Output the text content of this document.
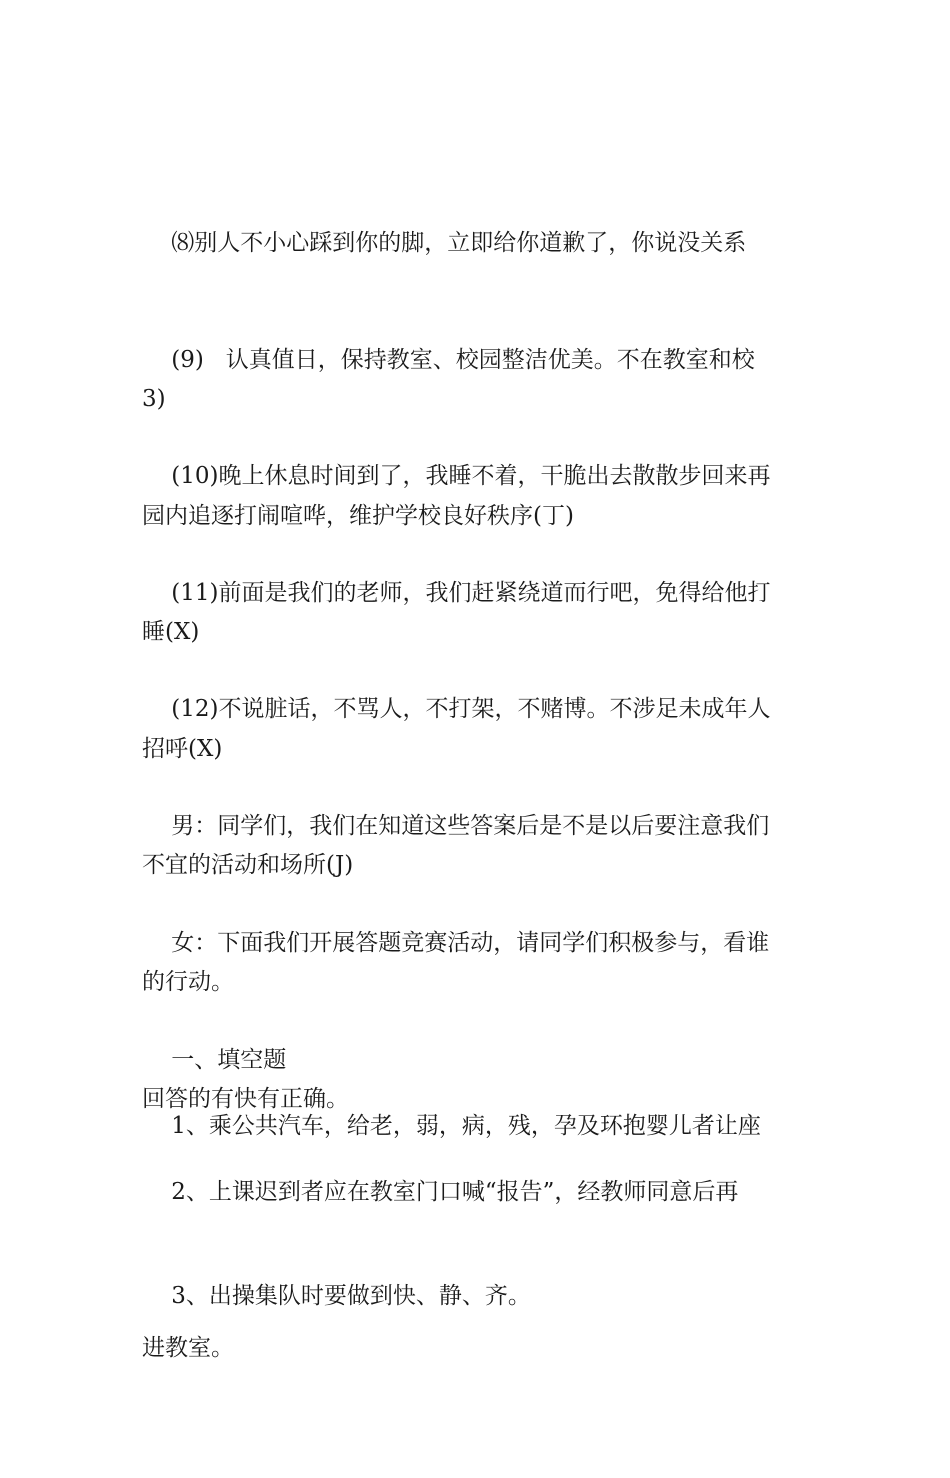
⑻别人不小心踩到你的脚，立即给你道歉了，你说没关系

3)

(9)   认真值日，保持教室、校园整洁优美。不在教室和校

园内追逐打闹喧哗，维护学校良好秩序(丁)

(10)晚上休息时间到了，我睡不着，干脆出去散散步回来再

睡(X)

(11)前面是我们的老师，我们赶紧绕道而行吧，免得给他打

招呼(X)

(12)不说脏话，不骂人，不打架，不赌博。不涉足未成年人

不宜的活动和场所(J)

男：同学们，我们在知道这些答案后是不是以后要注意我们

的行动。

女：下面我们开展答题竞赛活动，请同学们积极参与，看谁

回答的有快有正确。

一、填空题

1、乘公共汽车，给老，弱，病，残，孕及环抱婴儿者让座

2、上课迟到者应在教室门口喊“报告”，经教师同意后再

进教室。

3、出操集队时要做到快、静、齐。
